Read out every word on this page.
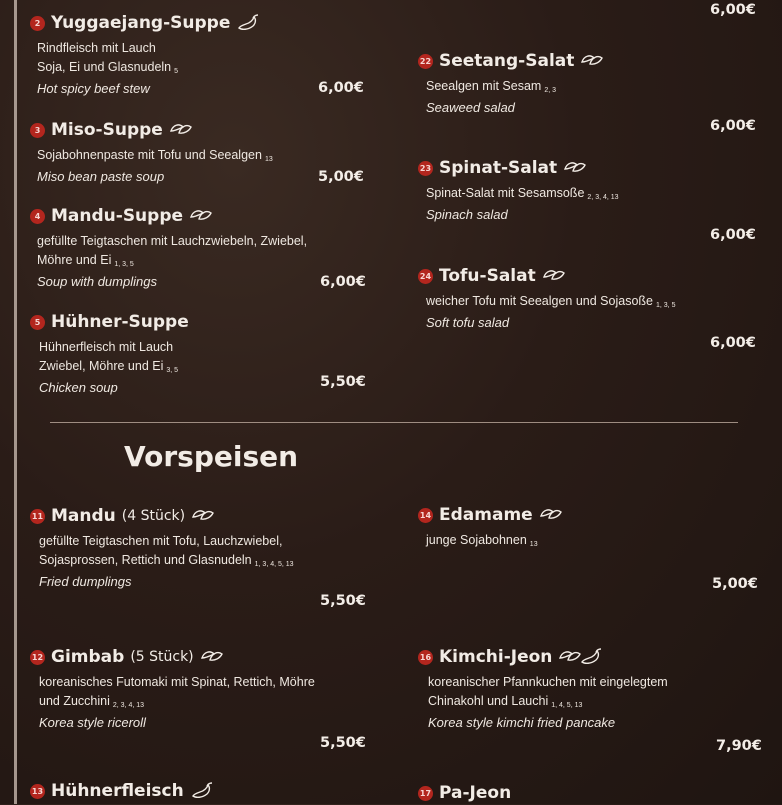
6,00€
2 Yuggaejang-Suppe
Rindfleisch mit Lauch
Soja, Ei und Glasnudeln $_5$
Hot spicy beef stew	6,00€
3 Miso-Suppe
Sojabohnenpaste mit Tofu und Seealgen $_{13}$
Miso bean paste soup	5,00€
4 Mandu-Suppe
gefüllte Teigtaschen mit Lauchzwiebeln, Zwiebel,
Möhre und Ei $_{1, 3, 5}$
Soup with dumplings	6,00€
5 Hühner-Suppe
Hühnerfleisch mit Lauch
Zwiebel, Möhre und Ei $_{3, 5}$
Chicken soup	5,50€
22 Seetang-Salat
Seealgen mit Sesam $_{2, 3}$
Seaweed salad
6,00€
23 Spinat-Salat
Spinat-Salat mit Sesamsoße $_{2, 3, 4, 13}$
Spinach salad
6,00€
24 Tofu-Salat
weicher Tofu mit Seealgen und Sojasoße $_{1, 3, 5}$
Soft tofu salad
6,00€
Vorspeisen
11 Mandu (4 Stück)
gefüllte Teigtaschen mit Tofu, Lauchzwiebel,
Sojasprossen, Rettich und Glasnudeln $_{1, 3, 4, 5, 13}$
Fried dumplings
5,50€
12 Gimbab (5 Stück)
koreanisches Futomaki mit Spinat, Rettich, Möhre
und Zucchini $_{2, 3, 4, 13}$
Korea style riceroll
5,50€
13 Hühnerfleisch
14 Edamame
junge Sojabohnen $_{13}$
5,00€
16 Kimchi-Jeon
koreanischer Pfannkuchen mit eingelegtem
Chinakohl und Lauchi $_{1, 4, 5, 13}$
Korea style kimchi fried pancake
7,90€
17 Pa-Jeon
